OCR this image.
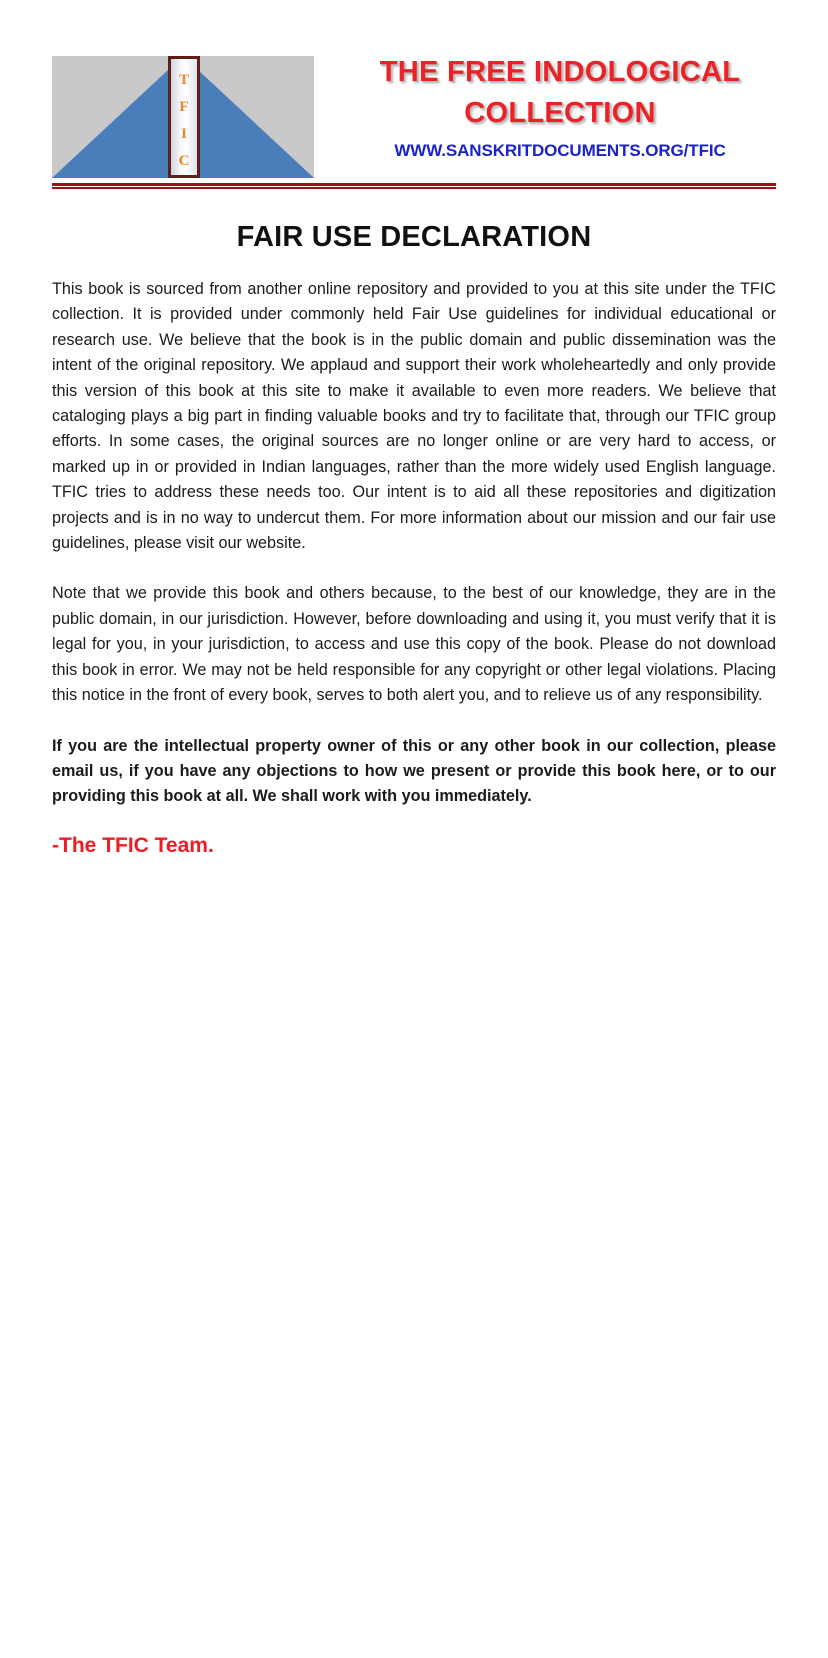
T
F
I
C
THE FREE INDOLOGICAL
COLLECTION
WWW.SANSKRITDOCUMENTS.ORG/TFIC
FAIR USE DECLARATION

This book is sourced from another online repository and provided to you at this site under the TFIC collection. It is provided under commonly held Fair Use guidelines for individual educational or research use. We believe that the book is in the public domain and public dissemination was the intent of the original repository. We applaud and support their work wholeheartedly and only provide this version of this book at this site to make it available to even more readers. We believe that cataloging plays a big part in finding valuable books and try to facilitate that, through our TFIC group efforts. In some cases, the original sources are no longer online or are very hard to access, or marked up in or provided in Indian languages, rather than the more widely used English language. TFIC tries to address these needs too. Our intent is to aid all these repositories and digitization projects and is in no way to undercut them. For more information about our mission and our fair use guidelines, please visit our website.

Note that we provide this book and others because, to the best of our knowledge, they are in the public domain, in our jurisdiction. However, before downloading and using it, you must verify that it is legal for you, in your jurisdiction, to access and use this copy of the book. Please do not download this book in error. We may not be held responsible for any copyright or other legal violations. Placing this notice in the front of every book, serves to both alert you, and to relieve us of any responsibility.

If you are the intellectual property owner of this or any other book in our collection, please email us, if you have any objections to how we present or provide this book here, or to our providing this book at all. We shall work with you immediately.

-The TFIC Team.
